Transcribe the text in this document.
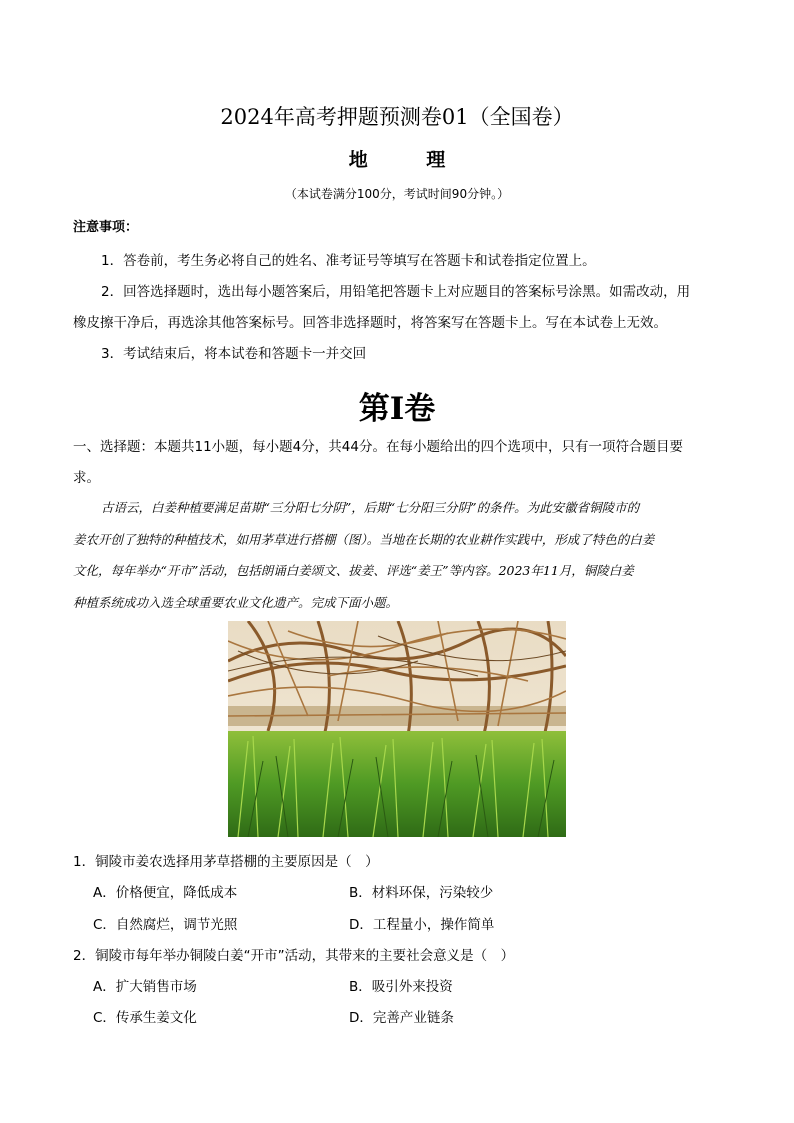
2024年高考押题预测卷01（全国卷）
地 理
（本试卷满分100分，考试时间90分钟。）
注意事项：
1．答卷前，考生务必将自己的姓名、准考证号等填写在答题卡和试卷指定位置上。
2．回答选择题时，选出每小题答案后，用铅笔把答题卡上对应题目的答案标号涂黑。如需改动，用
橡皮擦干净后，再选涂其他答案标号。回答非选择题时，将答案写在答题卡上。写在本试卷上无效。
3．考试结束后，将本试卷和答题卡一并交回
第Ⅰ卷
一、选择题：本题共11小题，每小题4分，共44分。在每小题给出的四个选项中，只有一项符合题目要
求。
古语云，白姜种植要满足苗期“三分阳七分阴”，后期“七分阳三分阴”的条件。为此安徽省铜陵市的
姜农开创了独特的种植技术，如用茅草进行搭棚（图）。当地在长期的农业耕作实践中，形成了特色的白姜
文化，每年举办“开市”活动，包括朗诵白姜颂文、拔姜、评选“姜王”等内容。2023年11月，铜陵白姜
种植系统成功入选全球重要农业文化遗产。完成下面小题。
1．铜陵市姜农选择用茅草搭棚的主要原因是（　）
A．价格便宜，降低成本	B．材料环保，污染较少
C．自然腐烂，调节光照	D．工程量小，操作简单
2．铜陵市每年举办铜陵白姜“开市”活动，其带来的主要社会意义是（　）
A．扩大销售市场	B．吸引外来投资
C．传承生姜文化	D．完善产业链条
